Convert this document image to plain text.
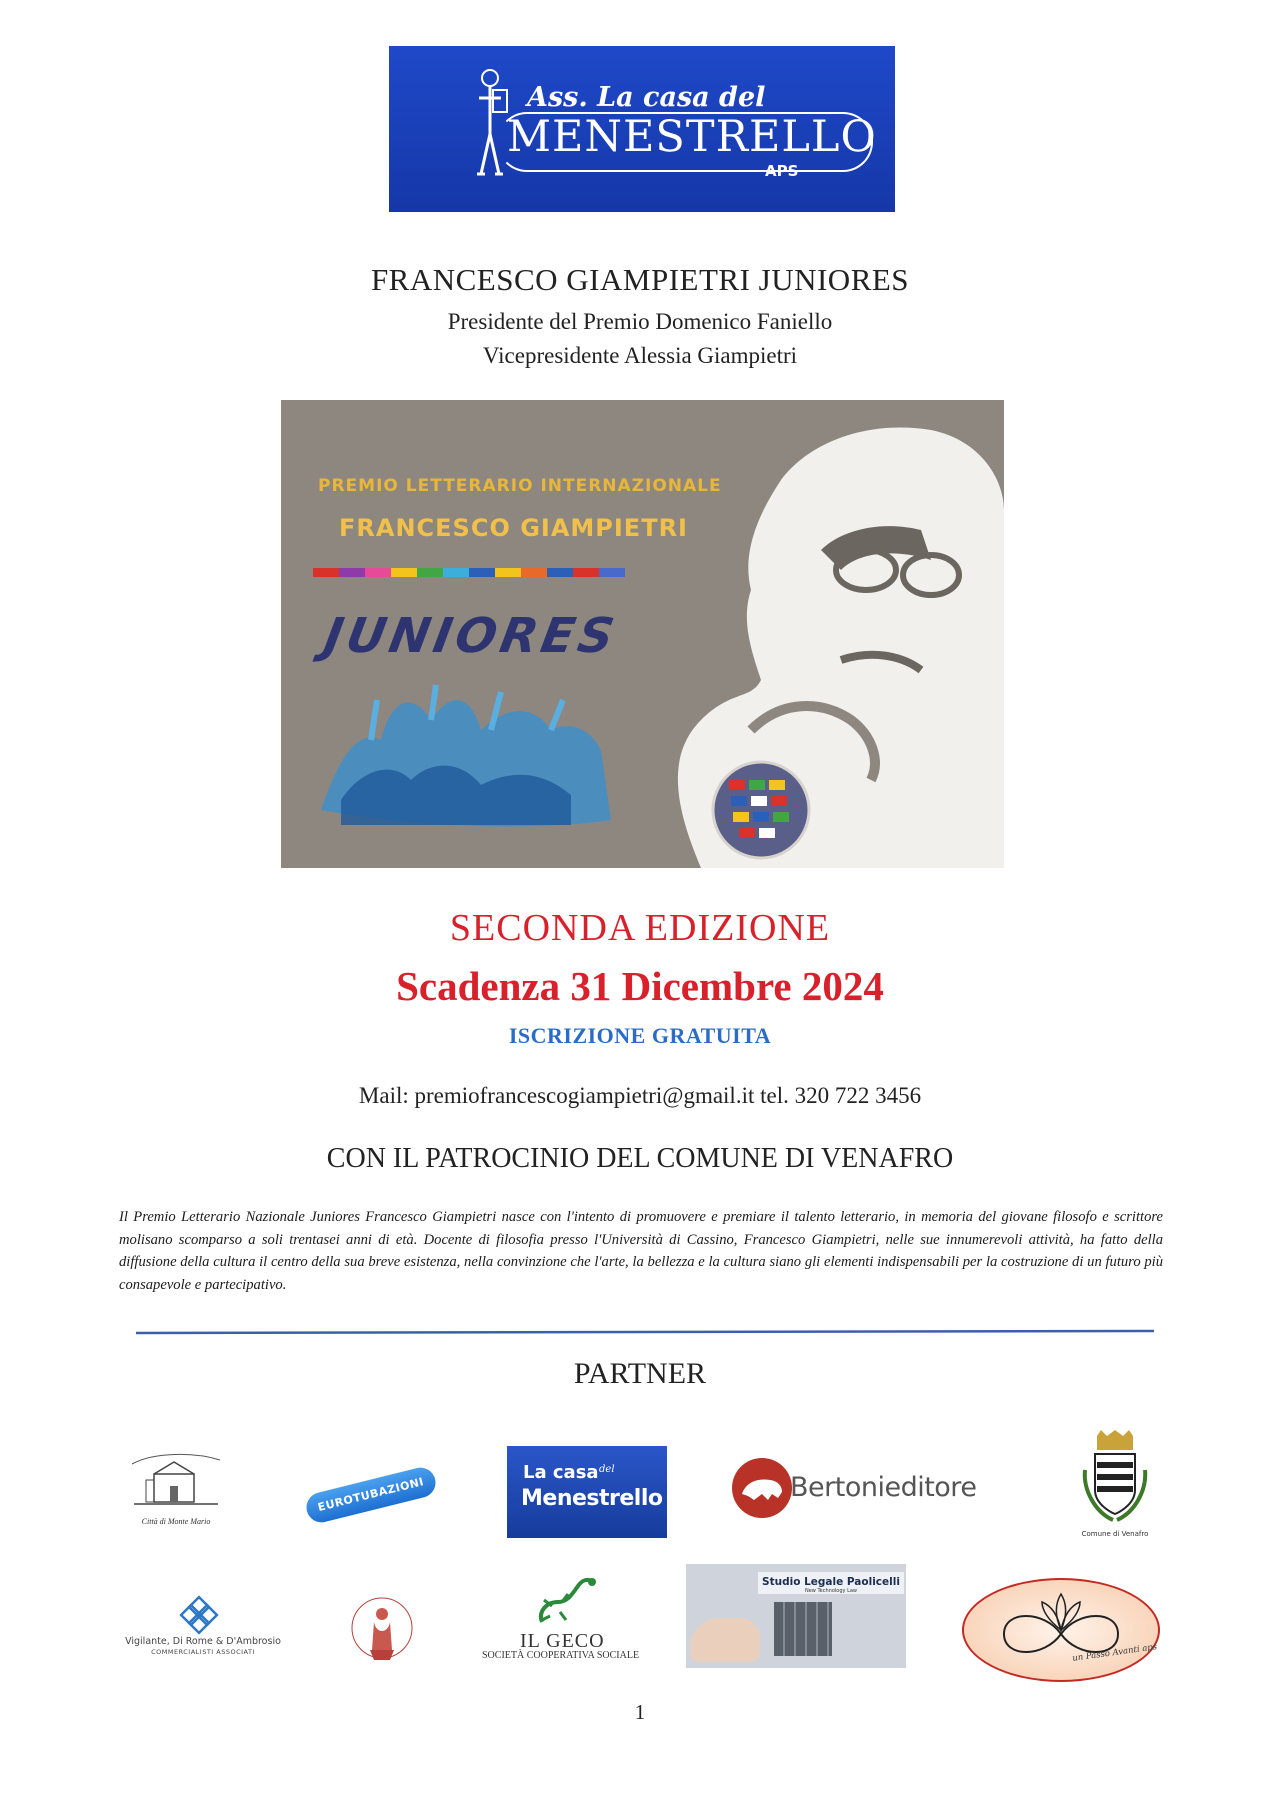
Ass. La casa del
MENESTRELLO
APS
FRANCESCO GIAMPIETRI JUNIORES
Presidente del Premio Domenico Faniello
Vicepresidente Alessia Giampietri
PREMIO LETTERARIO INTERNAZIONALE
FRANCESCO GIAMPIETRI
JUNIORES
SECONDA EDIZIONE
Scadenza 31 Dicembre 2024
ISCRIZIONE GRATUITA
Mail: premiofrancescogiampietri@gmail.it tel. 320 722 3456
CON IL PATROCINIO DEL COMUNE DI VENAFRO
Il Premio Letterario Nazionale Juniores Francesco Giampietri nasce con l'intento di promuovere e premiare il talento letterario, in memoria del giovane filosofo e scrittore molisano scomparso a soli trentasei anni di età. Docente di filosofia presso l'Università di Cassino, Francesco Giampietri, nelle sue innumerevoli attività, ha fatto della diffusione della cultura il centro della sua breve esistenza, nella convinzione che l'arte, la bellezza e la cultura siano gli elementi indispensabili per la costruzione di un futuro più consapevole e partecipativo.
PARTNER
Città di Monte Mario
EUROTUBAZIONI
La casa del
Menestrello	Bertonieditore
Comune di Venafro
Vigilante, Di Rome & D'Ambrosio
COMMERCIALISTI ASSOCIATI	IL GECO
SOCIETÀ COOPERATIVA SOCIALE
Studio Legale Paolicelli
New Technology Law
un Passo Avanti aps
1
